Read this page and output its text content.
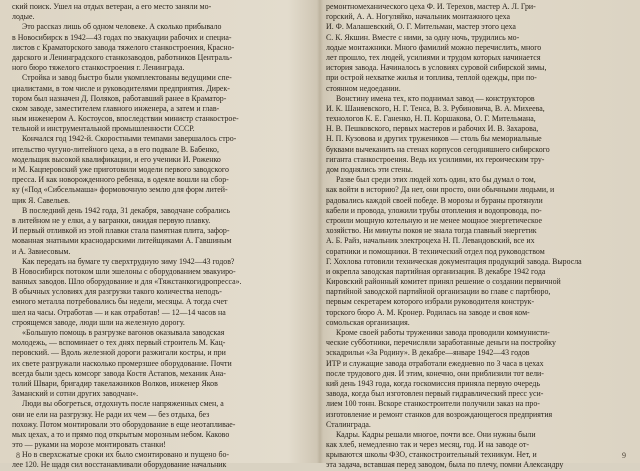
ский поиск. Ушел на отдых ветеран, а его место заняли мо-
лодые.
Это рассказ лишь об одном человеке. А сколько прибывало
в Новосибирск в 1942—43 годах по эвакуации рабочих и специа-
листов с Краматорского завода тяжелого станкостроения, Красно-
дарского и Ленинградского станкозаводов, работников Централь-
ного бюро тяжелого станкостроения г. Ленинграда.
Стройка и завод быстро были укомплектованы ведущими спе-
циалистами, в том числе и руководителями предприятия. Дирек-
тором был назначен Д. Поляков, работавший ранее в Краматор-
ском заводе, заместителем главного инженера, а затем и глав-
ным инженером А. Костоусов, впоследствии министр станкострое-
тельной и инструментальной промышленности СССР.
Кончался год 1942-й. Скоростными темпами завершалось стро-
ительство чугуно-литейного цеха, а в его подвале В. Бабенко,
модельщик высокой квалификации, и его ученики И. Роженко
и М. Кацперовский уже приготовили модели первого заводского
пресса. И как новорожденного ребенка, в одеяле вошли на сбор-
ку («Под «Сибсельмаша» формовочную землю для форм литей-
щик Я. Савельев.
В последний день 1942 года, 31 декабря, заводчане собрались
в литейном не у елки, а у вагранки, ожидая первую плавку.
И первый отливкой из этой плавки стала памятная плита, зафор-
мованная знатными краснодарскими литейщиками А. Гавшиным
и А. Завиесовым.
Как передать на бумаге ту сверхтрудную зиму 1942—43 годов?
В Новосибирск потоком шли эшелоны с оборудованием эвакуиро-
ванных заводов. Шло оборудование и для «Тяжстанкогидропресса».
В обычных условиях для разгрузки такого количества неподъ-
емного металла потребовались бы недели, месяцы. А тогда счет
шел на часы. Отработав — и как отработав! — 12—14 часов на
строящемся заводе, люди шли на железную дорогу.
«Большую помощь в разгрузке вагонов оказывала заводская
молодежь, — вспоминает о тех днях первый строитель М. Кац-
перовский. — Вдоль железной дороги разжигали костры, и при
их свете разгружали насколько промерзшее оборудование. Почти
всегда были здесь комсорг завода Костя Астапов, механик Ана-
толий Швари, бригадир такелажников Волков, инженер Яков
Заманский и сотни других заводчан».
Люди вы обогреться, отдохнуть после напряженных смен, а
они не ели на разгрузку. Не ради их чем — без отдыха, без
похожу. Потом монтировали это оборудование в еще неотапливае-
мых цехах, а то и прямо под открытым морозным небом. Каково
это — руками на морозе монтировать станки!
Но в сверхсжатые сроки их было смонтировано и пущено бо-
лее 120. Не щадя сил восстанавливали оборудование начальник
ремонтномеханического цеха Ф. И. Терехов, мастер А. Л. Гри-
горский, А. А. Ногуляйко, начальник монтажного цеха
И. Ф. Малашевский, О. Г. Мительман, мастер этого цеха
С. К. Якшин. Вместе с ними, за одну ночь, трудились мо-
лодые монтажники. Много фамилий можно перечислить, много
лет прошло, тех людей, усилиями и трудом которых начинается
история завода. Начиналось в условиях суровой сибирской зимы,
при острой нехватке жилья и топлива, теплой одежды, при по-
стоянном недоедании.
Вонстину имена тех, кто поднимал завод — конструкторов
И. К. Шаняевского, Н. Г. Тенса, В. З. Рубиновича, В. А. Михеева,
технологов К. Е. Ганенко, Н. П. Коршакова, О. Г. Мительмана,
Н. В. Пешковского, первых мастеров и рабочих И. В. Захарова,
Н. П. Кузовова и других тружеников — столь бы мемориальные
буквами вычеканить на стенах корпусов сегодняшнего сибирского
гиганта станкостроения. Ведь их усилиями, их героическим тру-
дом поднялись эти стены.
Разве был среди этих людей хоть один, кто бы думал о том,
как войти в историю? Да нет, они просто, они обычными людьми, и
радовались каждой своей победе. В морозы и бураны протянули
кабели и провода, уложили трубы отопления и водопровода, по-
строили мощную котельную и не менее мощное энергетическое
хозяйство. Ни минуты покоя не знала тогда главный энергетик
А. Б. Райз, начальник электроцеха Н. П. Левандовский, все их
соратники и помощники. В технический отдел под руководством
Г. Хохлова готовили техническая документация продукций завода. Выросла
и окрепла заводская партийная организация. В декабре 1942 года
Кировский районный комитет принял решение о создании первичной
партийной заводской партийной организации во главе с партбюро,
первым секретарем которого избрали руководителя конструк-
торского бюро А. М. Кронер. Родилась на заводе и своя ком-
сомольская организация.
Кроме своей работы труженики завода проводили коммунисти-
ческие субботники, перечисляли заработанные деньги на постройку
эскадрильи «За Родину». В декабре—январе 1942—43 годов
ИТР и служащие завода отработали ежедневно по 3 часа в цехах
после трудового дня. И этим, конечно, они приблизили тот вели-
кий день 1943 года, когда госкомиссия приняла первую очередь
завода, когда был изготовлен первый гидравлический пресс уси-
лием 100 тонн. Вскоре станкостроители получили заказ на про-
изготовление и ремонт станков для возрождающегося предприятия
Сталинграда.
Кадры. Кадры решали многое, почти все. Они нужны были
как хлеб, немедленно так и через месяц, год. И на заводе от-
крываются школы ФЗО, станкостроительный техникум. Нет, и
эта задача, вставшая перед заводом, была по плечу, помни Александру
8	9
